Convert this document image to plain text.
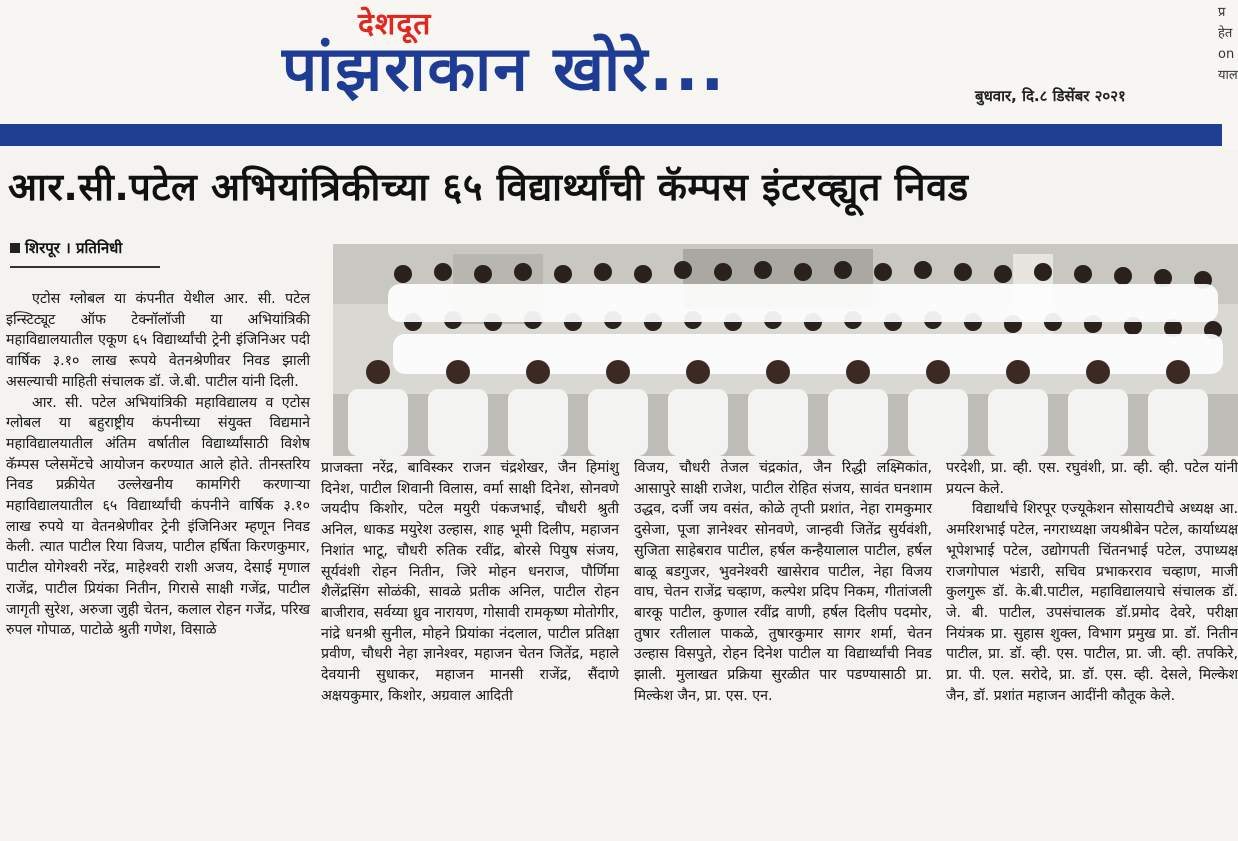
देशदूत
पांझराकान खोरे...	बुधवार, दि.८ डिसेंबर २०२१
प्र
हेत
on
याल
आर.सी.पटेल अभियांत्रिकीच्या ६५ विद्यार्थ्यांची कॅम्पस इंटरव्ह्यूत निवड
शिरपूर । प्रतिनिधी

एटोस ग्लोबल या कंपनीत येथील आर. सी. पटेल इन्स्टिट्यूट ऑफ टेक्नॉलॉजी या अभियांत्रिकी महाविद्यालयातील एकूण ६५ विद्यार्थ्यांची ट्रेनी इंजिनिअर पदी वार्षिक ३.१० लाख रूपये वेतनश्रेणीवर निवड झाली असल्याची माहिती संचालक डॉ. जे.बी. पाटील यांनी दिली.

आर. सी. पटेल अभियांत्रिकी महाविद्यालय व एटोस ग्लोबल या बहुराष्ट्रीय कंपनीच्या संयुक्त विद्यमाने महाविद्यालयातील अंतिम वर्षातील विद्यार्थ्यांसाठी विशेष कॅम्पस प्लेसमेंटचे आयोजन करण्यात आले होते. तीनस्तरिय निवड प्रक्रीयेत उल्लेखनीय कामगिरी करणाऱ्या महाविद्यालयातील ६५ विद्यार्थ्यांची कंपनीने वार्षिक ३.१० लाख रुपये या वेतनश्रेणीवर ट्रेनी इंजिनिअर म्हणून निवड केली. त्यात पाटील रिया विजय, पाटील हर्षिता किरणकुमार, पाटील योगेश्वरी नरेंद्र, माहेश्वरी राशी अजय, देसाई मृणाल राजेंद्र, पाटील प्रियंका नितीन, गिरासे साक्षी गजेंद्र, पाटील जागृती सुरेश, अरुजा जुही चेतन, कलाल रोहन गजेंद्र, परिख रुपल गोपाळ, पाटोळे श्रुती गणेश, विसाळे

प्राजक्ता नरेंद्र, बाविस्कर राजन चंद्रशेखर, जैन हिमांशु दिनेश, पाटील शिवानी विलास, वर्मा साक्षी दिनेश, सोनवणे जयदीप किशोर, पटेल मयुरी पंकजभाई, चौधरी श्रुती अनिल, धाकड मयुरेश उल्हास, शाह भूमी दिलीप, महाजन निशांत भाटू, चौधरी रुतिक रवींद्र, बोरसे पियुष संजय, सूर्यवंशी रोहन नितीन, जिरे मोहन धनराज, पौर्णिमा शैलेंद्रसिंग सोळंकी, सावळे प्रतीक अनिल, पाटील रोहन बाजीराव, सर्वय्या ध्रुव नारायण, गोसावी रामकृष्ण मोतोगीर, नांद्रे धनश्री सुनील, मोहने प्रियांका नंदलाल, पाटील प्रतिक्षा प्रवीण, चौधरी नेहा ज्ञानेश्वर, महाजन चेतन जितेंद्र, महाले देवयानी सुधाकर, महाजन मानसी राजेंद्र, सैंदाणे अक्षयकुमार, किशोर, अग्रवाल आदिती

विजय, चौधरी तेजल चंद्रकांत, जैन रिद्धी लक्ष्मिकांत, आसापुरे साक्षी राजेश, पाटील रोहित संजय, सावंत घनशाम उद्धव, दर्जी जय वसंत, कोळे तृप्ती प्रशांत, नेहा रामकुमार दुसेजा, पूजा ज्ञानेश्वर सोनवणे, जान्हवी जितेंद्र सुर्यवंशी, सुजिता साहेबराव पाटील, हर्षल कन्हैयालाल पाटील, हर्षल बाळू बडगुजर, भुवनेश्वरी खासेराव पाटील, नेहा विजय वाघ, चेतन राजेंद्र चव्हाण, कल्पेश प्रदिप निकम, गीतांजली बारकू पाटील, कुणाल रवींद्र वाणी, हर्षल दिलीप पदमोर, तुषार रतीलाल पाकळे, तुषारकुमार सागर शर्मा, चेतन उल्हास विसपुते, रोहन दिनेश पाटील या विद्यार्थ्यांची निवड झाली. मुलाखत प्रक्रिया सुरळीत पार पडण्यासाठी प्रा. मिल्केश जैन, प्रा. एस. एन.

परदेशी, प्रा. व्ही. एस. रघुवंशी, प्रा. व्ही. व्ही. पटेल यांनी प्रयत्न केले.

विद्यार्थांचे शिरपूर एज्यूकेशन सोसायटीचे अध्यक्ष आ. अमरिशभाई पटेल, नगराध्यक्षा जयश्रीबेन पटेल, कार्याध्यक्ष भूपेशभाई पटेल, उद्योगपती चिंतनभाई पटेल, उपाध्यक्ष राजगोपाल भंडारी, सचिव प्रभाकरराव चव्हाण, माजी कुलगुरू डॉ. के.बी.पाटील, महाविद्यालयाचे संचालक डॉ. जे. बी. पाटील, उपसंचालक डॉ.प्रमोद देवरे, परीक्षा नियंत्रक प्रा. सुहास शुक्ल, विभाग प्रमुख प्रा. डॉ. नितीन पाटील, प्रा. डॉ. व्ही. एस. पाटील, प्रा. जी. व्ही. तपकिरे, प्रा. पी. एल. सरोदे, प्रा. डॉ. एस. व्ही. देसले, मिल्केश जैन, डॉ. प्रशांत महाजन आदींनी कौतूक केले.
